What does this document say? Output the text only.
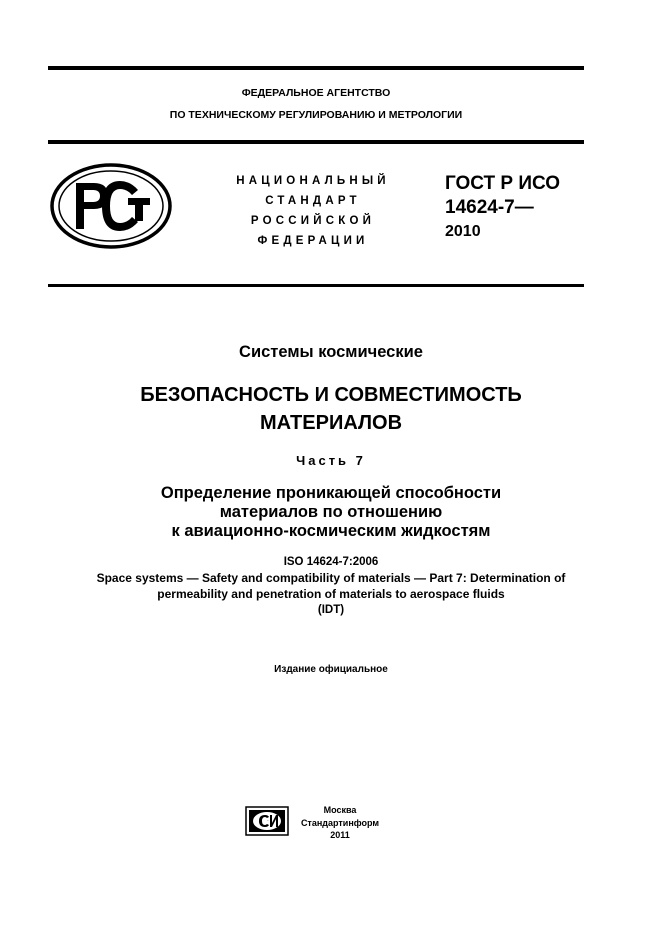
ФЕДЕРАЛЬНОЕ АГЕНТСТВО
ПО ТЕХНИЧЕСКОМУ РЕГУЛИРОВАНИЮ И МЕТРОЛОГИИ
РСТ
НАЦИОНАЛЬНЫЙ
СТАНДАРТ
РОССИЙСКОЙ
ФЕДЕРАЦИИ
ГОСТ Р ИСО
14624-7—
2010
Системы космические
БЕЗОПАСНОСТЬ И СОВМЕСТИМОСТЬ
МАТЕРИАЛОВ
Часть 7
Определение проникающей способности
материалов по отношению
к авиационно-космическим жидкостям
ISO 14624-7:2006
Space systems — Safety and compatibility of materials — Part 7: Determination of
permeability and penetration of materials to aerospace fluids
(IDT)
Издание официальное
СИ
Москва
Стандартинформ
2011
